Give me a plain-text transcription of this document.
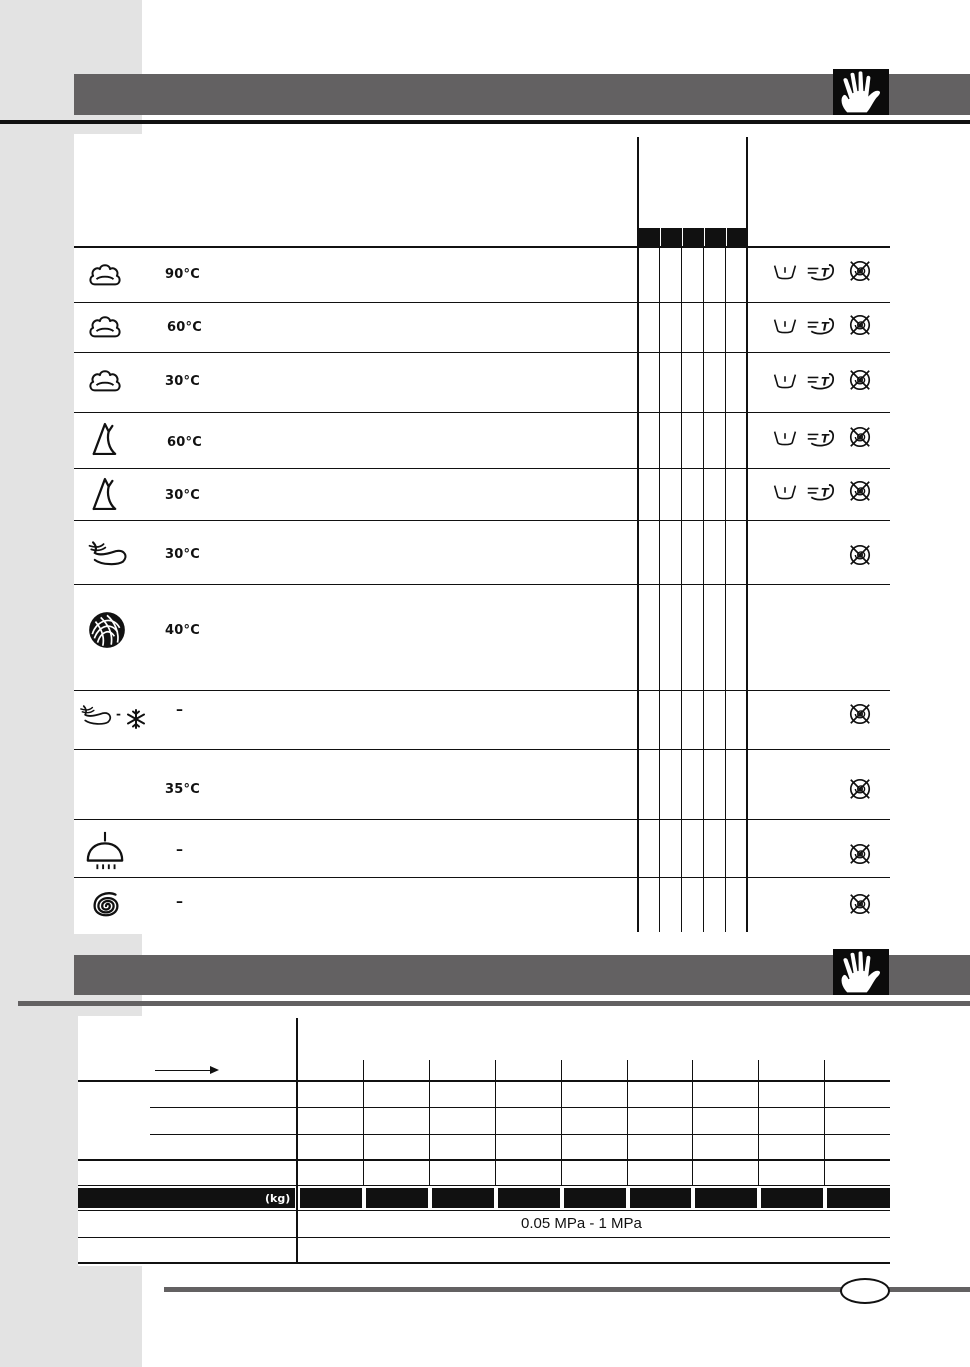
90°C
60°C
30°C
60°C
30°C
30°C
40°C
-	–
35°C
–
–
(kg)
0.05 MPa - 1 MPa
